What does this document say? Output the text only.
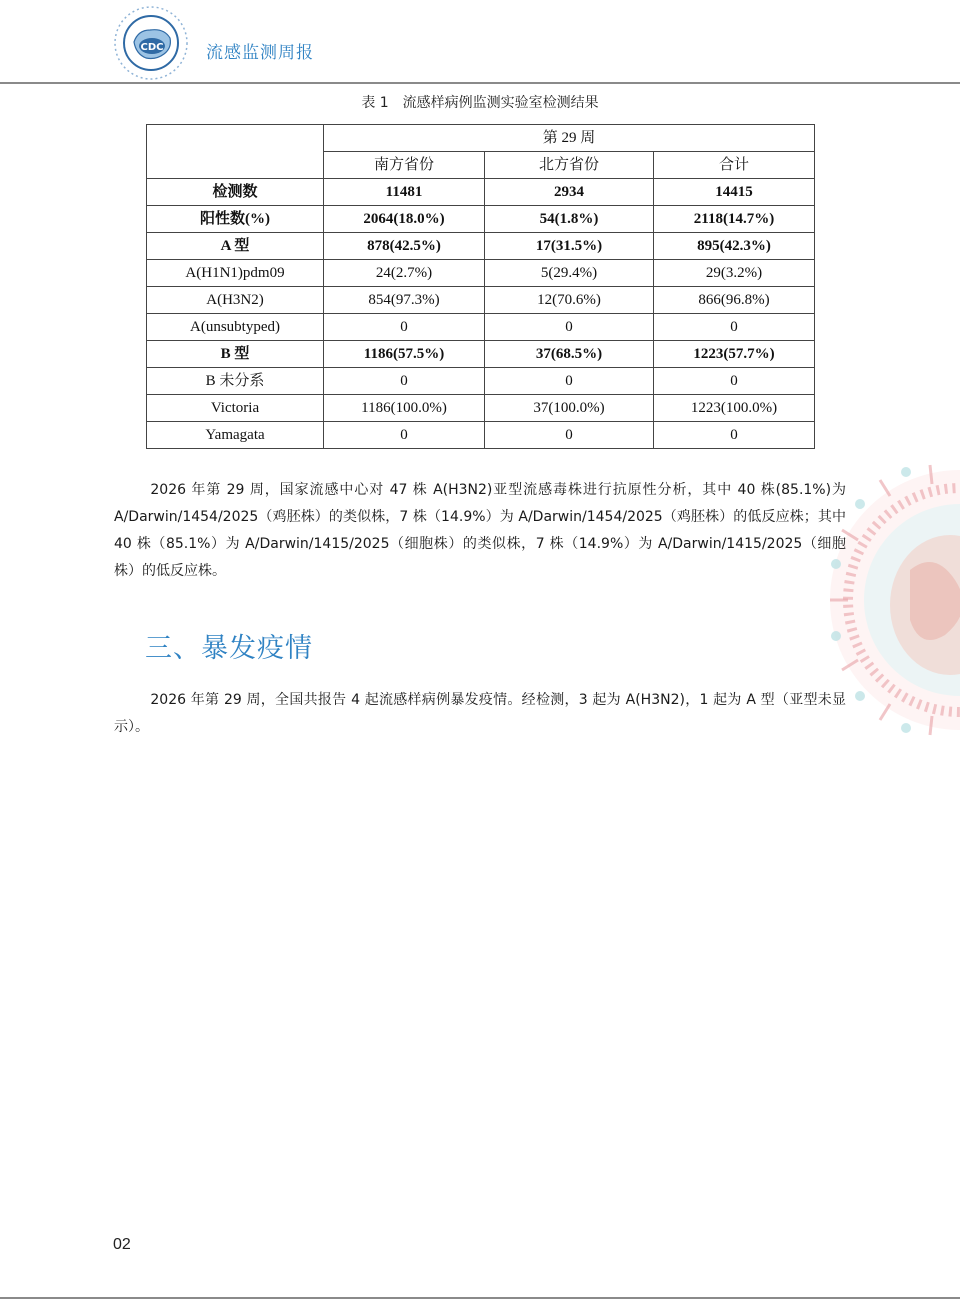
CDC	流感监测周报
表 1　流感样病例监测实验室检测结果
	第 29 周		
	南方省份	北方省份	合计
检测数	11481	2934	14415
阳性数(%)	2064(18.0%)	54(1.8%)	2118(14.7%)
A 型	878(42.5%)	17(31.5%)	895(42.3%)
A(H1N1)pdm09	24(2.7%)	5(29.4%)	29(3.2%)
A(H3N2)	854(97.3%)	12(70.6%)	866(96.8%)
A(unsubtyped)	0	0	0
B 型	1186(57.5%)	37(68.5%)	1223(57.7%)
B 未分系	0	0	0
Victoria	1186(100.0%)	37(100.0%)	1223(100.0%)
Yamagata	0	0	0

2026 年第 29 周，国家流感中心对 47 株 A(H3N2)亚型流感毒株进行抗原性分析，其中 40 株(85.1%)为 A/Darwin/1454/2025（鸡胚株）的类似株，7 株（14.9%）为 A/Darwin/1454/2025（鸡胚株）的低反应株；其中 40 株（85.1%）为 A/Darwin/1415/2025（细胞株）的类似株，7 株（14.9%）为 A/Darwin/1415/2025（细胞株）的低反应株。

三、暴发疫情

2026 年第 29 周，全国共报告 4 起流感样病例暴发疫情。经检测，3 起为 A(H3N2)，1 起为 A 型（亚型未显示）。

02
